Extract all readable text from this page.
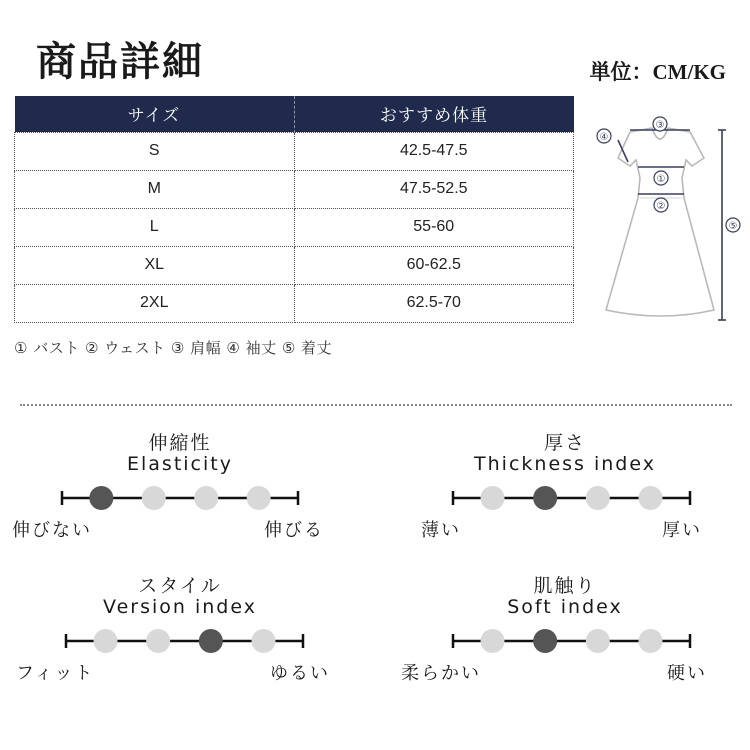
商品詳細	単位：CM/KG
サイズ	おすすめ体重
S	42.5-47.5
M	47.5-52.5
L	55-60
XL	60-62.5
2XL	62.5-70
① バスト ② ウェスト ③ 肩幅 ④ 袖丈 ⑤ 着丈
③
④
①
②
⑤
伸縮性
Elasticity
伸びない	伸びる
厚さ
Thickness index
薄い	厚い
スタイル
Version index
フィット	ゆるい
肌触り
Soft index
柔らかい	硬い
